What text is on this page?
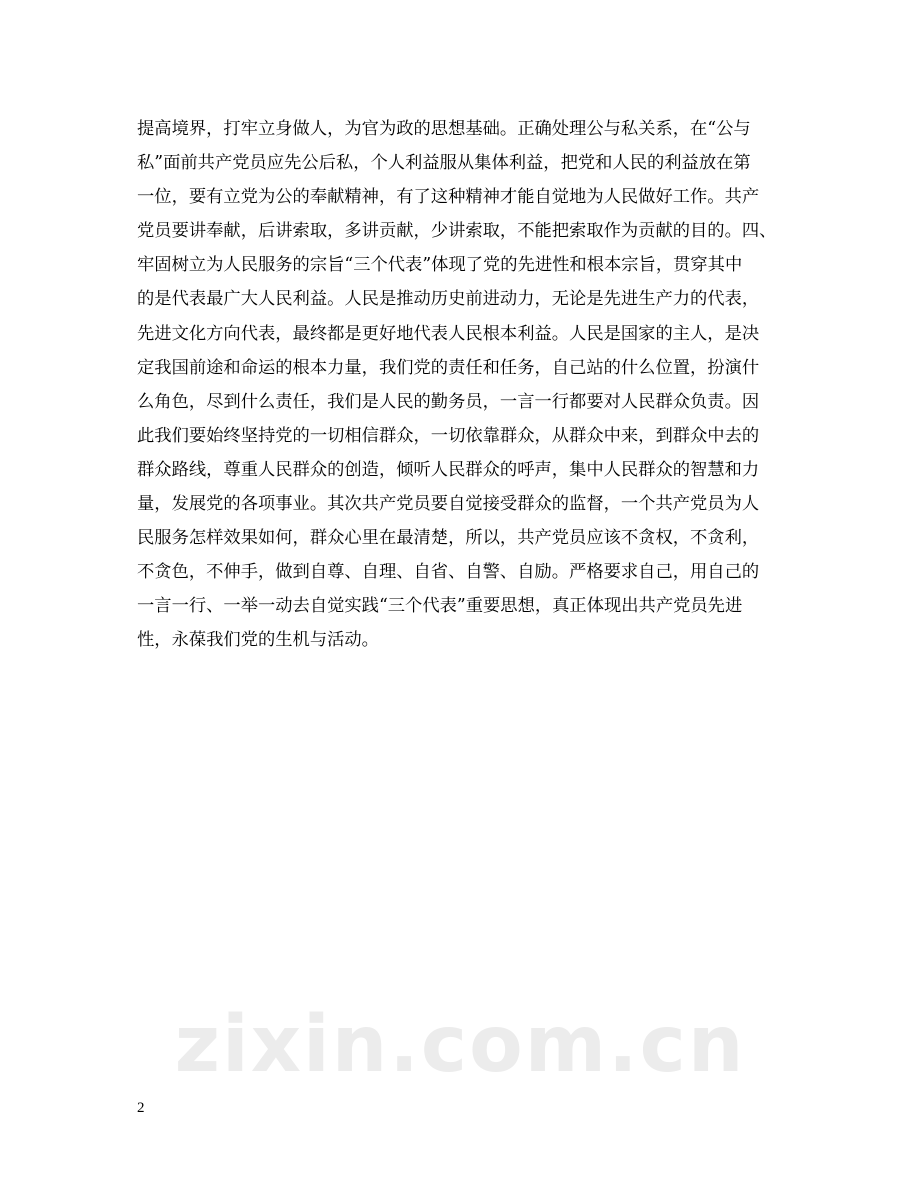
提高境界，打牢立身做人，为官为政的思想基础。正确处理公与私关系，在“公与
私”面前共产党员应先公后私，个人利益服从集体利益，把党和人民的利益放在第
一位，要有立党为公的奉献精神，有了这种精神才能自觉地为人民做好工作。共产
党员要讲奉献，后讲索取，多讲贡献，少讲索取，不能把索取作为贡献的目的。四、
牢固树立为人民服务的宗旨“三个代表”体现了党的先进性和根本宗旨，贯穿其中
的是代表最广大人民利益。人民是推动历史前进动力，无论是先进生产力的代表，
先进文化方向代表，最终都是更好地代表人民根本利益。人民是国家的主人，是决
定我国前途和命运的根本力量，我们党的责任和任务，自己站的什么位置，扮演什
么角色，尽到什么责任，我们是人民的勤务员，一言一行都要对人民群众负责。因
此我们要始终坚持党的一切相信群众，一切依靠群众，从群众中来，到群众中去的
群众路线，尊重人民群众的创造，倾听人民群众的呼声，集中人民群众的智慧和力
量，发展党的各项事业。其次共产党员要自觉接受群众的监督，一个共产党员为人
民服务怎样效果如何，群众心里在最清楚，所以，共产党员应该不贪权，不贪利，
不贪色，不伸手，做到自尊、自理、自省、自警、自励。严格要求自己，用自己的
一言一行、一举一动去自觉实践“三个代表”重要思想，真正体现出共产党员先进
性，永葆我们党的生机与活动。
zixin.com.cn
2
